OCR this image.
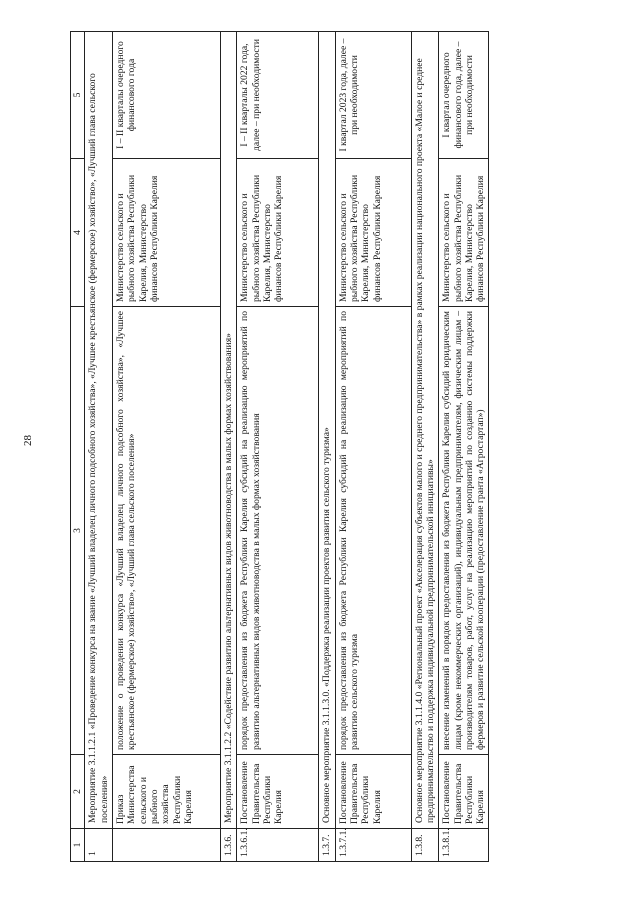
28
1	2	3	4	5
1	Мероприятие 3.1.1.2.1 «Проведение конкурса на звание «Лучший владелец личного подсобного хозяйства», «Лучшее крестьянское (фермерское) хозяйство», «Лучший глава сельского поселения»			
	Приказ Министерства сельского и рыбного хозяйства Республики Карелия	положение о проведении конкурса «Лучший владелец личного подсобного хозяйства», «Лучшее крестьянское (фермерское) хозяйство», «Лучший глава сельского поселения»	Министерство сельского и рыбного хозяйства Республики Карелия, Министерство финансов Республики Карелия	I – II кварталы очередного финансового года
1.3.6.	Мероприятие 3.1.1.2.2 «Содействие развитию альтернативных видов животноводства в малых формах хозяйствования»			
1.3.6.1.	Постановление Правительства Республики Карелия	порядок предоставления из бюджета Республики Карелия субсидий на реализацию мероприятий по развитию альтернативных видов животноводства в малых формах хозяйствования	Министерство сельского и рыбного хозяйства Республики Карелия, Министерство финансов Республики Карелия	I – II кварталы 2022 года, далее – при необходимости
1.3.7.	Основное мероприятие 3.1.1.3.0. «Поддержка реализации проектов развития сельского туризма»			
1.3.7.1.	Постановление Правительства Республики Карелия	порядок предоставления из бюджета Республики Карелия субсидий на реализацию мероприятий по развитию сельского туризма	Министерство сельского и рыбного хозяйства Республики Карелия, Министерство финансов Республики Карелия	I квартал 2023 года, далее – при необходимости
1.3.8.	Основное мероприятие 3.1.1.4.0 «Региональный проект «Акселерация субъектов малого и среднего предпринимательства» в рамках реализации национального проекта «Малое и среднее предпринимательство и поддержка индивидуальной предпринимательской инициативы»			
1.3.8.1.	Постановление Правительства Республики Карелия	внесение изменений в порядок предоставления из бюджета Республики Карелия субсидий юридическим лицам (кроме некоммерческих организаций), индивидуальным предпринимателям, физическим лицам – производителям товаров, работ, услуг на реализацию мероприятий по созданию системы поддержки фермеров и развитие сельской кооперации (предоставление гранта «Агростартап»)	Министерство сельского и рыбного хозяйства Республики Карелия, Министерство финансов Республики Карелия	I квартал очередного финансового года, далее – при необходимости
